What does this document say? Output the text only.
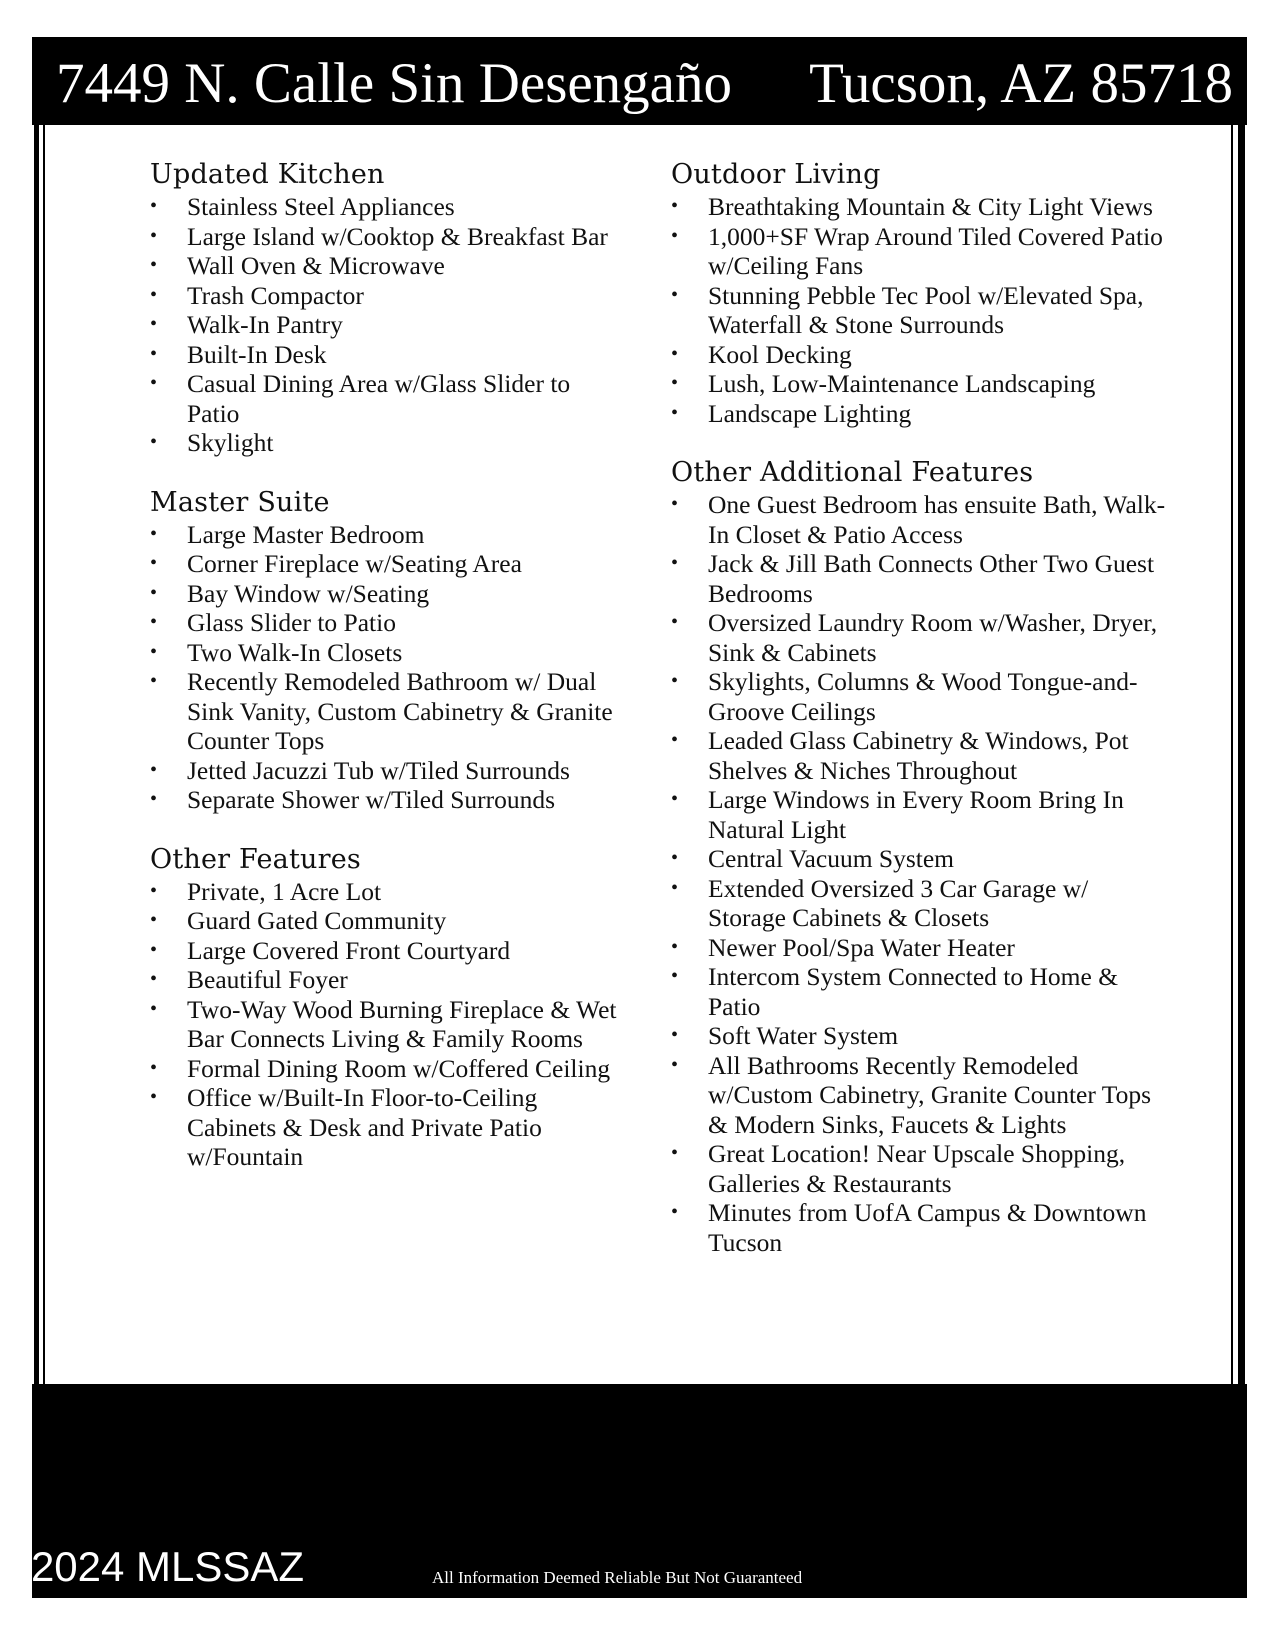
7449 N. Calle Sin Desengaño Tucson, AZ 85718
Updated Kitchen
• Stainless Steel Appliances
• Large Island w/Cooktop & Breakfast Bar
• Wall Oven & Microwave
• Trash Compactor
• Walk-In Pantry
• Built-In Desk
• Casual Dining Area w/Glass Slider to Patio
• Skylight
Master Suite
• Large Master Bedroom
• Corner Fireplace w/Seating Area
• Bay Window w/Seating
• Glass Slider to Patio
• Two Walk-In Closets
• Recently Remodeled Bathroom w/ Dual Sink Vanity, Custom Cabinetry & Granite Counter Tops
• Jetted Jacuzzi Tub w/Tiled Surrounds
• Separate Shower w/Tiled Surrounds
Other Features
• Private, 1 Acre Lot
• Guard Gated Community
• Large Covered Front Courtyard
• Beautiful Foyer
• Two-Way Wood Burning Fireplace & Wet Bar Connects Living & Family Rooms
• Formal Dining Room w/Coffered Ceiling
• Office w/Built-In Floor-to-Ceiling Cabinets & Desk and Private Patio w/Fountain
Outdoor Living
• Breathtaking Mountain & City Light Views
• 1,000+SF Wrap Around Tiled Covered Patio w/Ceiling Fans
• Stunning Pebble Tec Pool w/Elevated Spa, Waterfall & Stone Surrounds
• Kool Decking
• Lush, Low-Maintenance Landscaping
• Landscape Lighting
Other Additional Features
• One Guest Bedroom has ensuite Bath, Walk-In Closet & Patio Access
• Jack & Jill Bath Connects Other Two Guest Bedrooms
• Oversized Laundry Room w/Washer, Dryer, Sink & Cabinets
• Skylights, Columns & Wood Tongue-and-Groove Ceilings
• Leaded Glass Cabinetry & Windows, Pot Shelves & Niches Throughout
• Large Windows in Every Room Bring In Natural Light
• Central Vacuum System
• Extended Oversized 3 Car Garage w/ Storage Cabinets & Closets
• Newer Pool/Spa Water Heater
• Intercom System Connected to Home & Patio
• Soft Water System
• All Bathrooms Recently Remodeled w/Custom Cabinetry, Granite Counter Tops & Modern Sinks, Faucets & Lights
• Great Location! Near Upscale Shopping, Galleries & Restaurants
• Minutes from UofA Campus & Downtown Tucson
All Information Deemed Reliable But Not Guaranteed
©2024 MLSSAZ
